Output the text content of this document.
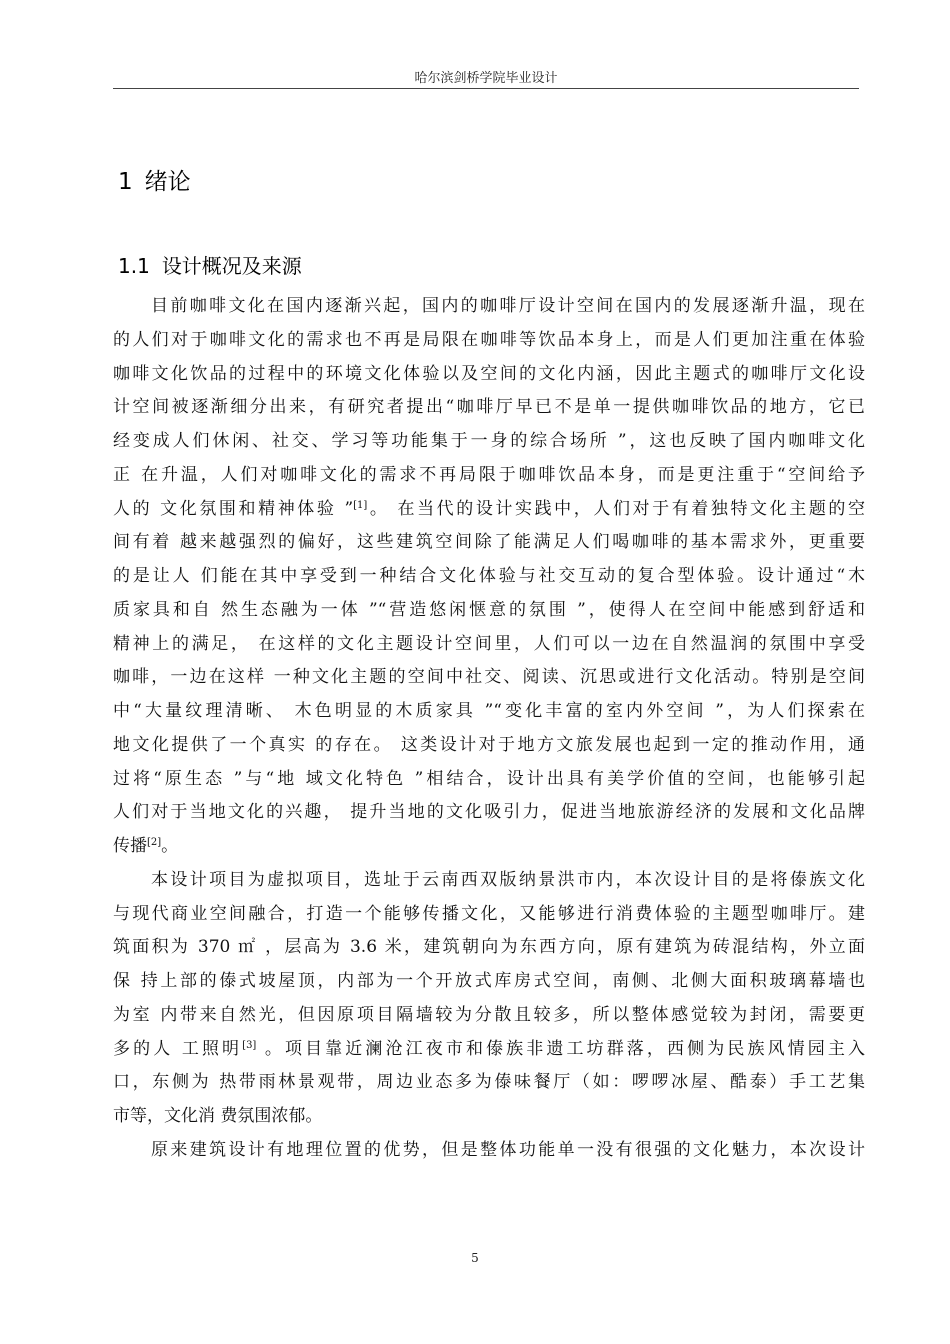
哈尔滨剑桥学院毕业设计
1 绪论
1.1 设计概况及来源
目前咖啡文化在国内逐渐兴起，国内的咖啡厅设计空间在国内的发展逐渐升温，现在
的人们对于咖啡文化的需求也不再是局限在咖啡等饮品本身上，而是人们更加注重在体验
咖啡文化饮品的过程中的环境文化体验以及空间的文化内涵，因此主题式的咖啡厅文化设
计空间被逐渐细分出来，有研究者提出“咖啡厅早已不是单一提供咖啡饮品的地方，它已
经变成人们休闲、社交、学习等功能集于一身的综合场所 ”，这也反映了国内咖啡文化
正 在升温，人们对咖啡文化的需求不再局限于咖啡饮品本身，而是更注重于“空间给予
人的 文化氛围和精神体验 ”[1]。 在当代的设计实践中，人们对于有着独特文化主题的空
间有着 越来越强烈的偏好，这些建筑空间除了能满足人们喝咖啡的基本需求外，更重要
的是让人 们能在其中享受到一种结合文化体验与社交互动的复合型体验。设计通过“木
质家具和自 然生态融为一体 ”“营造悠闲惬意的氛围 ”，使得人在空间中能感到舒适和
精神上的满足， 在这样的文化主题设计空间里，人们可以一边在自然温润的氛围中享受
咖啡，一边在这样 一种文化主题的空间中社交、阅读、沉思或进行文化活动。特别是空间
中“大量纹理清晰、 木色明显的木质家具 ”“变化丰富的室内外空间 ”，为人们探索在
地文化提供了一个真实 的存在。 这类设计对于地方文旅发展也起到一定的推动作用，通
过将“原生态 ”与“地 域文化特色 ”相结合，设计出具有美学价值的空间，也能够引起
人们对于当地文化的兴趣， 提升当地的文化吸引力，促进当地旅游经济的发展和文化品牌
传播[2]。
本设计项目为虚拟项目，选址于云南西双版纳景洪市内，本次设计目的是将傣族文化
与现代商业空间融合，打造一个能够传播文化，又能够进行消费体验的主题型咖啡厅。建
筑面积为 370 ㎡ ，层高为 3.6 米，建筑朝向为东西方向，原有建筑为砖混结构，外立面
保 持上部的傣式坡屋顶，内部为一个开放式库房式空间，南侧、北侧大面积玻璃幕墙也
为室 内带来自然光，但因原项目隔墙较为分散且较多，所以整体感觉较为封闭，需要更
多的人 工照明[3] 。项目靠近澜沧江夜市和傣族非遗工坊群落，西侧为民族风情园主入
口，东侧为 热带雨林景观带，周边业态多为傣味餐厅（如：啰啰冰屋、酷泰）手工艺集
市等，文化消 费氛围浓郁。
原来建筑设计有地理位置的优势，但是整体功能单一没有很强的文化魅力，本次设计
5
